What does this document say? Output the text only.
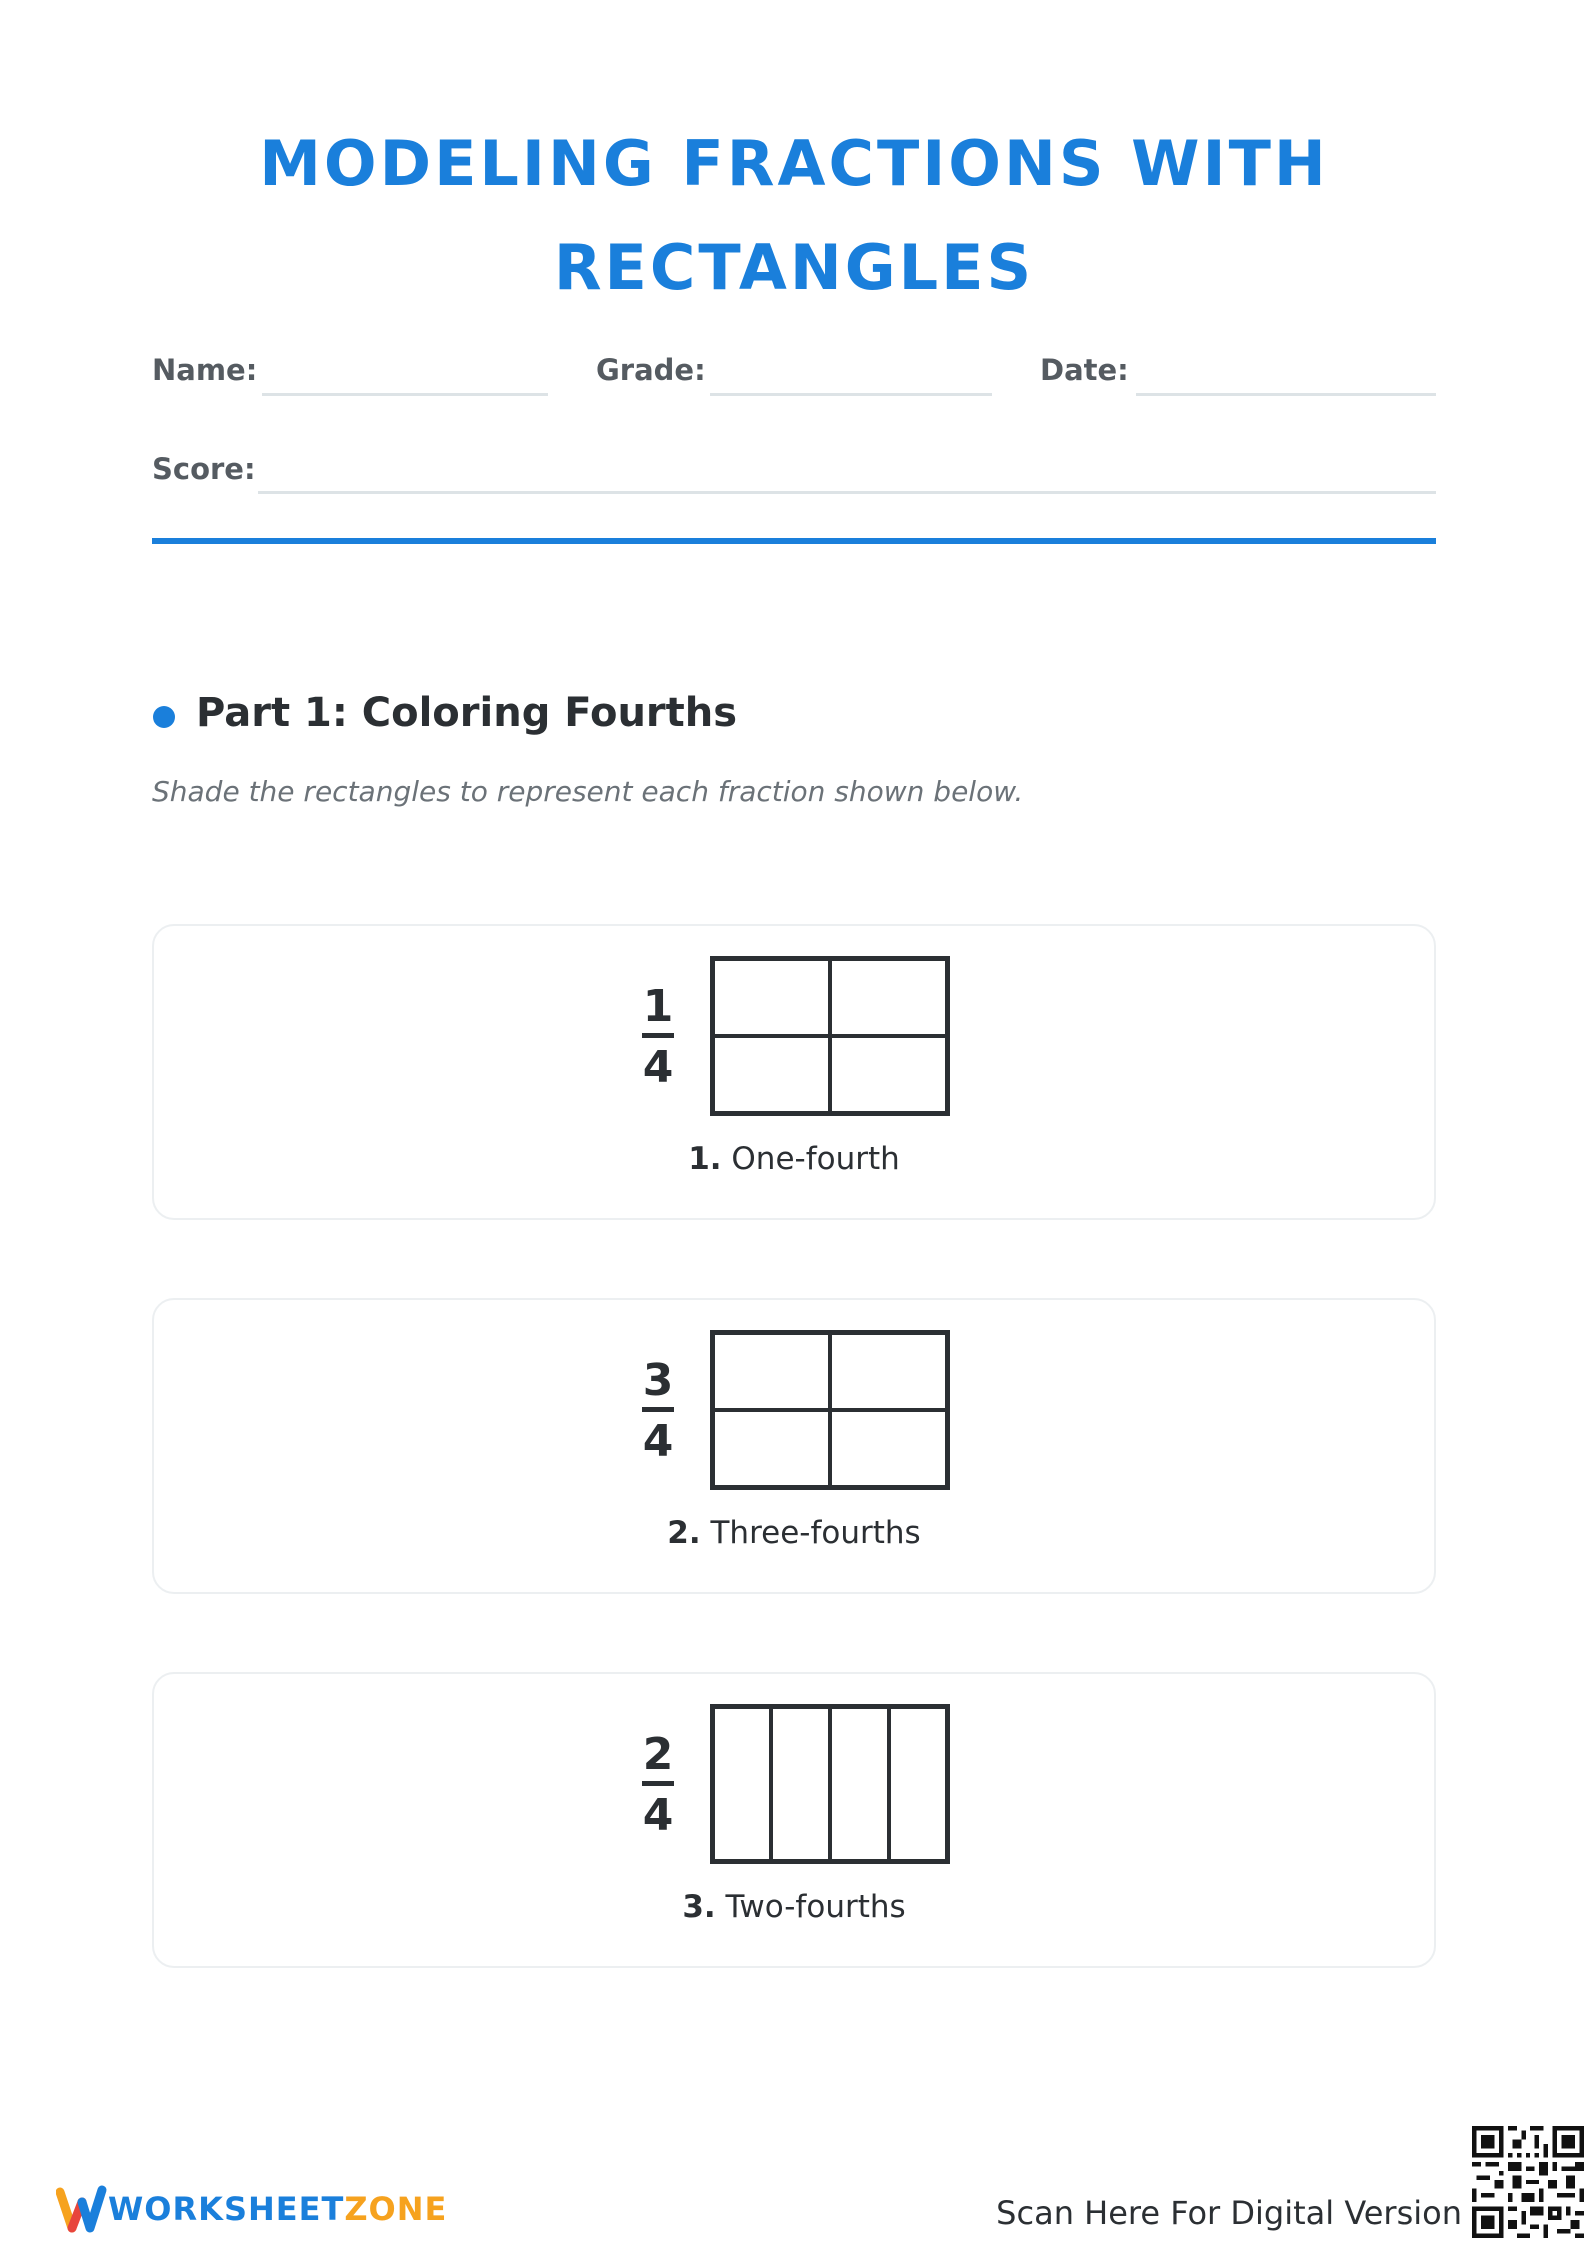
MODELING FRACTIONS WITH RECTANGLES
Name:	Grade:	Date:
Score:
Part 1: Coloring Fourths

Shade the rectangles to represent each fraction shown below.

1
4
1. One-fourth
3
4
2. Three-fourths
2
4
3. Two-fourths
WORKSHEETZONE	Scan Here For Digital Version
